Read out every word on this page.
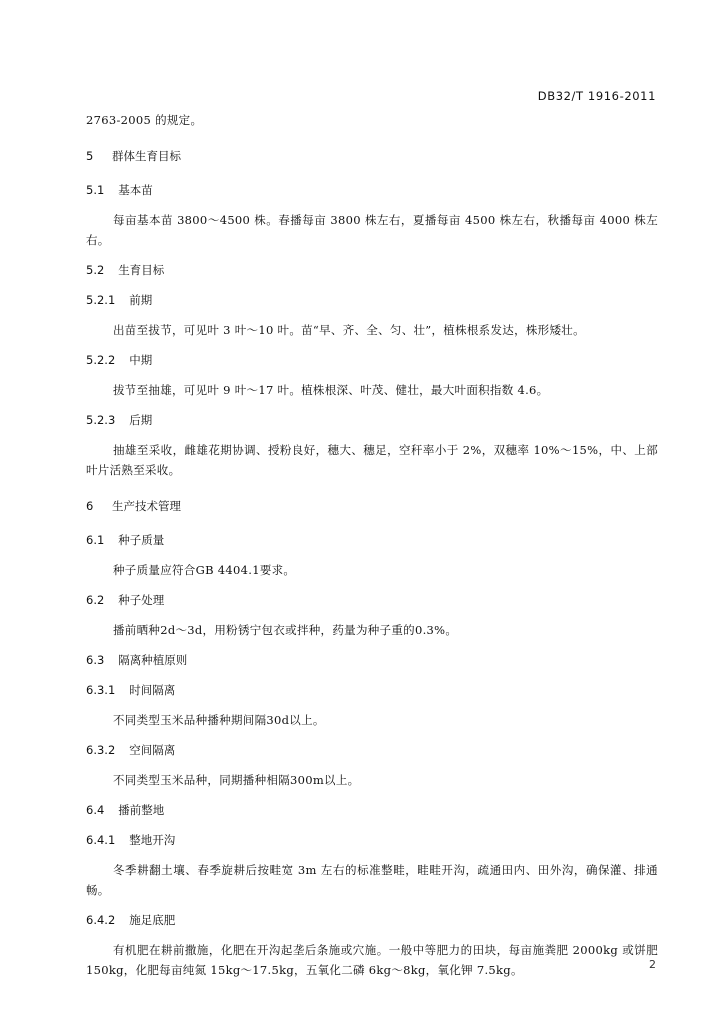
DB32/T 1916-2011

2763-2005 的规定。

5 群体生育目标
5.1 基本苗

每亩基本苗 3800～4500 株。春播每亩 3800 株左右，夏播每亩 4500 株左右，秋播每亩 4000 株左右。

5.2 生育目标
5.2.1 前期

出苗至拔节，可见叶 3 叶～10 叶。苗“早、齐、全、匀、壮”，植株根系发达，株形矮壮。

5.2.2 中期

拔节至抽雄，可见叶 9 叶～17 叶。植株根深、叶茂、健壮，最大叶面积指数 4.6。

5.2.3 后期

抽雄至采收，雌雄花期协调、授粉良好，穗大、穗足，空秆率小于 2%，双穗率 10%～15%，中、上部叶片活熟至采收。

6 生产技术管理
6.1 种子质量

种子质量应符合GB 4404.1要求。

6.2 种子处理

播前晒种2d～3d，用粉锈宁包衣或拌种，药量为种子重的0.3%。

6.3 隔离种植原则
6.3.1 时间隔离

不同类型玉米品种播种期间隔30d以上。

6.3.2 空间隔离

不同类型玉米品种，同期播种相隔300m以上。

6.4 播前整地
6.4.1 整地开沟

冬季耕翻土壤、春季旋耕后按畦宽 3m 左右的标准整畦，畦畦开沟，疏通田内、田外沟，确保灌、排通畅。

6.4.2 施足底肥

有机肥在耕前撒施，化肥在开沟起垄后条施或穴施。一般中等肥力的田块，每亩施粪肥 2000kg 或饼肥 150kg，化肥每亩纯氮 15kg～17.5kg，五氧化二磷 6kg～8kg，氧化钾 7.5kg。	2
